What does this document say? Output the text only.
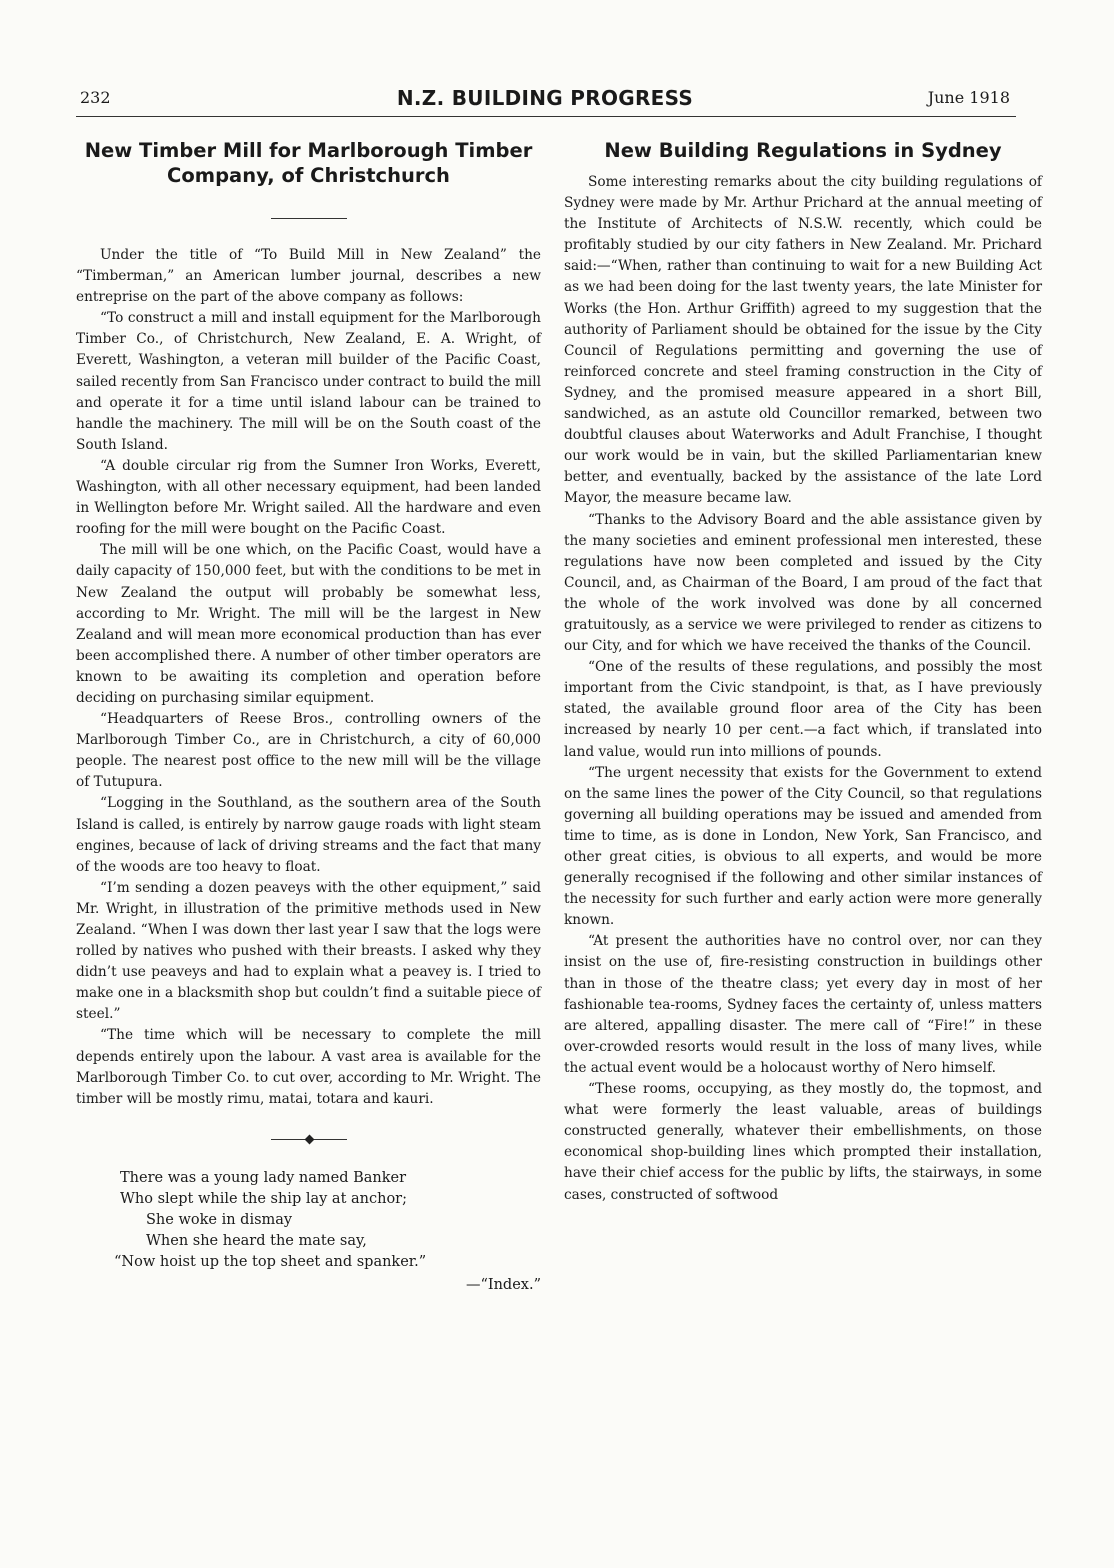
232	N.Z. BUILDING PROGRESS	June 1918
New Timber Mill for Marlborough Timber Company, of Christchurch

Under the title of “To Build Mill in New Zealand” the “Timberman,” an American lumber journal, describes a new entreprise on the part of the above company as follows:

“To construct a mill and install equipment for the Marlborough Timber Co., of Christchurch, New Zealand, E. A. Wright, of Everett, Washington, a veteran mill builder of the Pacific Coast, sailed recently from San Francisco under contract to build the mill and operate it for a time until island labour can be trained to handle the machinery. The mill will be on the South coast of the South Island.

“A double circular rig from the Sumner Iron Works, Everett, Washington, with all other necessary equipment, had been landed in Wellington before Mr. Wright sailed. All the hardware and even roofing for the mill were bought on the Pacific Coast.

The mill will be one which, on the Pacific Coast, would have a daily capacity of 150,000 feet, but with the conditions to be met in New Zealand the output will probably be somewhat less, according to Mr. Wright. The mill will be the largest in New Zealand and will mean more economical production than has ever been accomplished there. A number of other timber operators are known to be awaiting its completion and operation before deciding on purchasing similar equipment.

“Headquarters of Reese Bros., controlling owners of the Marlborough Timber Co., are in Christchurch, a city of 60,000 people. The nearest post office to the new mill will be the village of Tutupura.

“Logging in the Southland, as the southern area of the South Island is called, is entirely by narrow gauge roads with light steam engines, because of lack of driving streams and the fact that many of the woods are too heavy to float.

“I’m sending a dozen peaveys with the other equipment,” said Mr. Wright, in illustration of the primitive methods used in New Zealand. “When I was down ther last year I saw that the logs were rolled by natives who pushed with their breasts. I asked why they didn’t use peaveys and had to explain what a peavey is. I tried to make one in a blacksmith shop but couldn’t find a suitable piece of steel.”

“The time which will be necessary to complete the mill depends entirely upon the labour. A vast area is available for the Marlborough Timber Co. to cut over, according to Mr. Wright. The timber will be mostly rimu, matai, totara and kauri.

There was a young lady named Banker
Who slept while the ship lay at anchor;
She woke in dismay
When she heard the mate say,
“Now hoist up the top sheet and spanker.”
—“Index.”
New Building Regulations in Sydney

Some interesting remarks about the city building regulations of Sydney were made by Mr. Arthur Prichard at the annual meeting of the Institute of Architects of N.S.W. recently, which could be profitably studied by our city fathers in New Zealand. Mr. Prichard said:—“When, rather than continuing to wait for a new Building Act as we had been doing for the last twenty years, the late Minister for Works (the Hon. Arthur Griffith) agreed to my suggestion that the authority of Parliament should be obtained for the issue by the City Council of Regulations permitting and governing the use of reinforced concrete and steel framing construction in the City of Sydney, and the promised measure appeared in a short Bill, sandwiched, as an astute old Councillor remarked, between two doubtful clauses about Waterworks and Adult Franchise, I thought our work would be in vain, but the skilled Parliamentarian knew better, and eventually, backed by the assistance of the late Lord Mayor, the measure became law.

“Thanks to the Advisory Board and the able assistance given by the many societies and eminent professional men interested, these regulations have now been completed and issued by the City Council, and, as Chairman of the Board, I am proud of the fact that the whole of the work involved was done by all concerned gratuitously, as a service we were privileged to render as citizens to our City, and for which we have received the thanks of the Council.

“One of the results of these regulations, and possibly the most important from the Civic standpoint, is that, as I have previously stated, the available ground floor area of the City has been increased by nearly 10 per cent.—a fact which, if translated into land value, would run into millions of pounds.

“The urgent necessity that exists for the Government to extend on the same lines the power of the City Council, so that regulations governing all building operations may be issued and amended from time to time, as is done in London, New York, San Francisco, and other great cities, is obvious to all experts, and would be more generally recognised if the following and other similar instances of the necessity for such further and early action were more generally known.

“At present the authorities have no control over, nor can they insist on the use of, fire-resisting construction in buildings other than in those of the theatre class; yet every day in most of her fashionable tea-rooms, Sydney faces the certainty of, unless matters are altered, appalling disaster. The mere call of “Fire!” in these over-crowded resorts would result in the loss of many lives, while the actual event would be a holocaust worthy of Nero himself.

“These rooms, occupying, as they mostly do, the topmost, and what were formerly the least valuable, areas of buildings constructed generally, whatever their embellishments, on those economical shop-building lines which prompted their installation, have their chief access for the public by lifts, the stairways, in some cases, constructed of softwood
